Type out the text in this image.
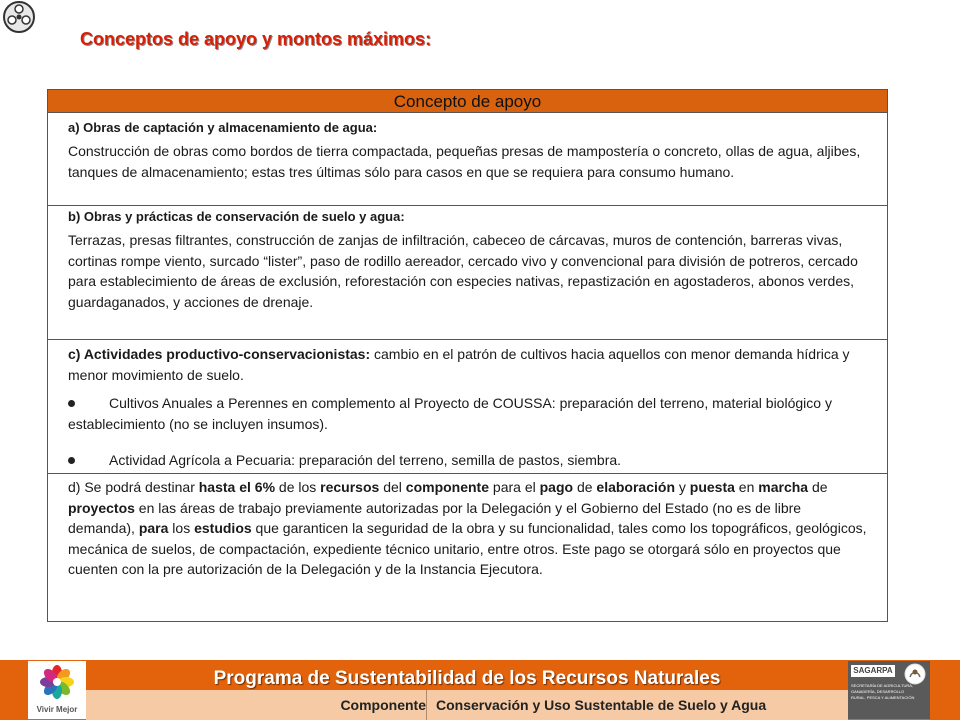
Conceptos de apoyo y montos máximos:
Concepto de apoyo

a) Obras de captación y almacenamiento de agua:

Construcción de obras como bordos de tierra compactada, pequeñas presas de mampostería o concreto, ollas de agua, aljibes, tanques de almacenamiento; estas tres últimas sólo para casos en que se requiera para consumo humano.

b) Obras y prácticas de conservación de suelo y agua:

Terrazas, presas filtrantes, construcción de zanjas de infiltración, cabeceo de cárcavas, muros de contención, barreras vivas, cortinas rompe viento, surcado “lister”, paso de rodillo aereador, cercado vivo y convencional para división de potreros, cercado para establecimiento de áreas de exclusión, reforestación con especies nativas, repastización en agostaderos, abonos verdes, guardaganados, y acciones de drenaje.

c) Actividades productivo-conservacionistas: cambio en el patrón de cultivos hacia aquellos con menor demanda hídrica y menor movimiento de suelo.

Cultivos Anuales a Perennes en complemento al Proyecto de COUSSA: preparación del terreno, material biológico y establecimiento (no se incluyen insumos).

Actividad Agrícola a Pecuaria: preparación del terreno, semilla de pastos, siembra.

d) Se podrá destinar hasta el 6% de los recursos del componente para el pago de elaboración y puesta en marcha de proyectos en las áreas de trabajo previamente autorizadas por la Delegación y el Gobierno del Estado (no es de libre demanda), para los estudios que garanticen la seguridad de la obra y su funcionalidad, tales como los topográficos, geológicos, mecánica de suelos, de compactación, expediente técnico unitario, entre otros. Este pago se otorgará sólo en proyectos que cuenten con la pre autorización de la Delegación y de la Instancia Ejecutora.

Vivir Mejor
Programa de Sustentabilidad de los Recursos Naturales
Componente Conservación y Uso Sustentable de Suelo y Agua
SAGARPA
SECRETARÍA DE AGRICULTURA, GANADERÍA, DESARROLLO RURAL, PESCA Y ALIMENTACIÓN
